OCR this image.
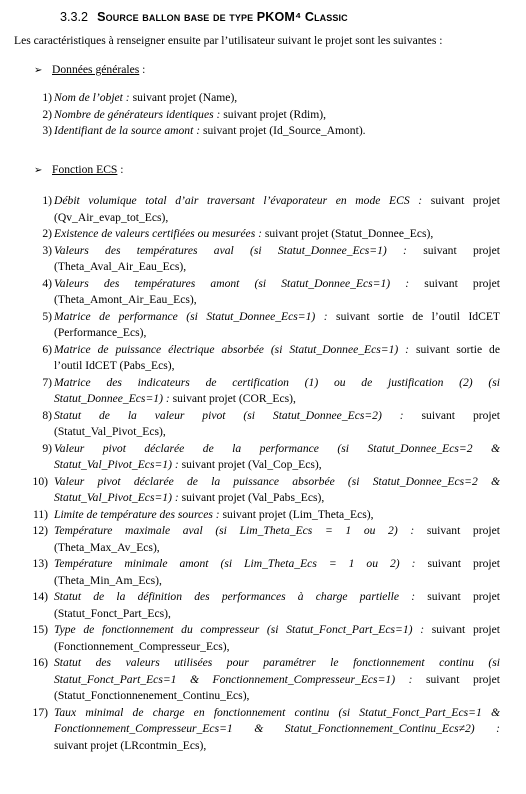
3.3.2 Source ballon base de type PKOM⁴ Classic
Les caractéristiques à renseigner ensuite par l’utilisateur suivant le projet sont les suivantes :
➢ Données générales :
1) Nom de l’objet : suivant projet (Name),
2) Nombre de générateurs identiques : suivant projet (Rdim),
3) Identifiant de la source amont : suivant projet (Id_Source_Amont).
➢ Fonction ECS :
1) Débit volumique total d’air traversant l’évaporateur en mode ECS : suivant projet
(Qv_Air_evap_tot_Ecs),
2) Existence de valeurs certifiées ou mesurées : suivant projet (Statut_Donnee_Ecs),
3) Valeurs des températures aval (si Statut_Donnee_Ecs=1) : suivant projet
(Theta_Aval_Air_Eau_Ecs),
4) Valeurs des températures amont (si Statut_Donnee_Ecs=1) : suivant projet
(Theta_Amont_Air_Eau_Ecs),
5) Matrice de performance (si Statut_Donnee_Ecs=1) : suivant sortie de l’outil IdCET
(Performance_Ecs),
6) Matrice de puissance électrique absorbée (si Statut_Donnee_Ecs=1) : suivant sortie de
l’outil IdCET (Pabs_Ecs),
7) Matrice des indicateurs de certification (1) ou de justification (2) (si
Statut_Donnee_Ecs=1) : suivant projet (COR_Ecs),
8) Statut de la valeur pivot (si Statut_Donnee_Ecs=2) : suivant projet
(Statut_Val_Pivot_Ecs),
9) Valeur pivot déclarée de la performance (si Statut_Donnee_Ecs=2 &
Statut_Val_Pivot_Ecs=1) : suivant projet (Val_Cop_Ecs),
10) Valeur pivot déclarée de la puissance absorbée (si Statut_Donnee_Ecs=2 &
Statut_Val_Pivot_Ecs=1) : suivant projet (Val_Pabs_Ecs),
11) Limite de température des sources : suivant projet (Lim_Theta_Ecs),
12) Température maximale aval (si Lim_Theta_Ecs = 1 ou 2) : suivant projet
(Theta_Max_Av_Ecs),
13) Température minimale amont (si Lim_Theta_Ecs = 1 ou 2) : suivant projet
(Theta_Min_Am_Ecs),
14) Statut de la définition des performances à charge partielle : suivant projet
(Statut_Fonct_Part_Ecs),
15) Type de fonctionnement du compresseur (si Statut_Fonct_Part_Ecs=1) : suivant projet
(Fonctionnement_Compresseur_Ecs),
16) Statut des valeurs utilisées pour paramétrer le fonctionnement continu (si
Statut_Fonct_Part_Ecs=1 & Fonctionnement_Compresseur_Ecs=1) : suivant projet
(Statut_Fonctionnenement_Continu_Ecs),
17) Taux minimal de charge en fonctionnement continu (si Statut_Fonct_Part_Ecs=1 &
Fonctionnement_Compresseur_Ecs=1 & Statut_Fonctionnement_Continu_Ecs≠2) :
suivant projet (LRcontmin_Ecs),
